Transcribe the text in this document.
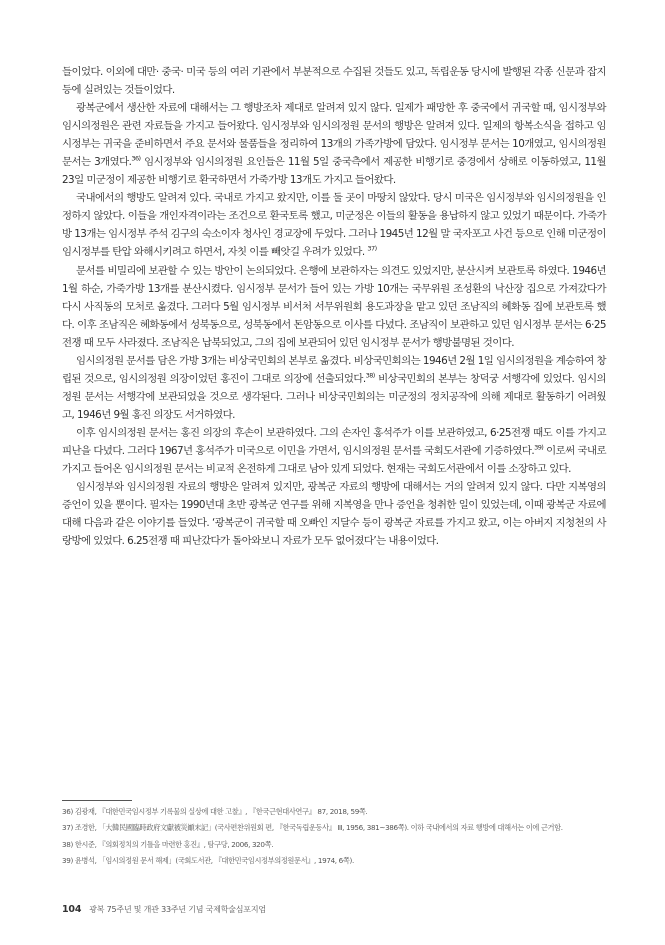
들이었다. 이외에 대만· 중국· 미국 등의 여러 기관에서 부분적으로 수집된 것들도 있고, 독립운동 당시에 발행된 각종 신문과 잡지 등에 실려있는 것들이었다.

광복군에서 생산한 자료에 대해서는 그 행방조차 제대로 알려져 있지 않다. 일제가 패망한 후 중국에서 귀국할 때, 임시정부와 임시의정원은 관련 자료들을 가지고 들어왔다. 임시정부와 임시의정원 문서의 행방은 알려져 있다. 일제의 항복소식을 접하고 임시정부는 귀국을 준비하면서 주요 문서와 물품들을 정리하여 13개의 가족가방에 담았다. 임시정부 문서는 10개였고, 임시의정원 문서는 3개였다.$^{36)}$ 임시정부와 임시의정원 요인들은 11월 5일 중국측에서 제공한 비행기로 중경에서 상해로 이동하였고, 11월 23일 미군정이 제공한 비행기로 환국하면서 가죽가방 13개도 가지고 들어왔다.

국내에서의 행방도 알려져 있다. 국내로 가지고 왔지만, 이를 둘 곳이 마땅치 않았다. 당시 미국은 임시정부와 임시의정원을 인정하지 않았다. 이들을 개인자격이라는 조건으로 환국토록 했고, 미군정은 이들의 활동을 용납하지 않고 있었기 때문이다. 가죽가방 13개는 임시정부 주석 김구의 숙소이자 청사인 경교장에 두었다. 그러나 1945년 12월 말 국자포고 사건 등으로 인해 미군정이 임시정부를 탄압 와해시키려고 하면서, 자칫 이를 빼앗길 우려가 있었다. $^{37)}$

문서를 비밀리에 보관할 수 있는 방안이 논의되었다. 은행에 보관하자는 의견도 있었지만, 분산시켜 보관토록 하였다. 1946년 1월 하순, 가죽가방 13개를 분산시켰다. 임시정부 문서가 들어 있는 가방 10개는 국무위원 조성환의 낙산장 집으로 가져갔다가 다시 사직동의 모처로 옮겼다. 그러다 5월 임시정부 비서처 서무위원회 용도과장을 맡고 있던 조남직의 혜화동 집에 보관토록 했다. 이후 조남직은 혜화동에서 성북동으로, 성북동에서 돈암동으로 이사를 다녔다. 조남직이 보관하고 있던 임시정부 문서는 6·25전쟁 때 모두 사라졌다. 조남직은 납북되었고, 그의 집에 보관되어 있던 임시정부 문서가 행방불명된 것이다.

임시의정원 문서를 담은 가방 3개는 비상국민회의 본부로 옮겼다. 비상국민회의는 1946년 2월 1일 임시의정원을 계승하여 창립된 것으로, 임시의정원 의장이었던 홍진이 그대로 의장에 선출되었다.$^{38)}$ 비상국민회의 본부는 창덕궁 서행각에 있었다. 임시의정원 문서는 서행각에 보관되었을 것으로 생각된다. 그러나 비상국민회의는 미군정의 정치공작에 의해 제대로 활동하기 어려웠고, 1946년 9월 홍진 의장도 서거하였다.

이후 임시의정원 문서는 홍진 의장의 후손이 보관하였다. 그의 손자인 홍석주가 이를 보관하였고, 6·25전쟁 때도 이를 가지고 피난을 다녔다. 그러다 1967년 홍석주가 미국으로 이민을 가면서, 임시의정원 문서를 국회도서관에 기증하였다.$^{39)}$ 이로써 국내로 가지고 들어온 임시의정원 문서는 비교적 온전하게 그대로 남아 있게 되었다. 현재는 국회도서관에서 이를 소장하고 있다.

임시정부와 임시의정원 자료의 행방은 알려져 있지만, 광복군 자료의 행방에 대해서는 거의 알려져 있지 않다. 다만 지복영의 증언이 있을 뿐이다. 필자는 1990년대 초반 광복군 연구를 위해 지복영을 만나 증언을 청취한 일이 있었는데, 이때 광복군 자료에 대해 다음과 같은 이야기를 들었다. ‘광복군이 귀국할 때 오빠인 지달수 등이 광복군 자료를 가지고 왔고, 이는 아버지 지청천의 사랑방에 있었다. 6.25전쟁 때 피난갔다가 돌아와보니 자료가 모두 없어졌다’는 내용이었다.

36) 김광재, 『대한민국임시정부 기록물의 실상에 대한 고찰』, 『한국근현대사연구』 87, 2018, 59쪽.
37) 조경한, 「大韓民國臨時政府文獻被災顚末記」(국사편찬위원회 편, 『한국독립운동사』 Ⅲ, 1956, 381~386쪽). 이하 국내에서의 자료 행방에 대해서는 이에 근거함.
38) 한시준, 『의회정치의 기틀을 마련한 홍진』, 탐구당, 2006, 320쪽.
39) 윤병석, 「임시의정원 문서 해제」(국회도서관, 『대한민국임시정부의정원문서』, 1974, 6쪽).
104 광복 75주년 및 개관 33주년 기념 국제학술심포지엄
